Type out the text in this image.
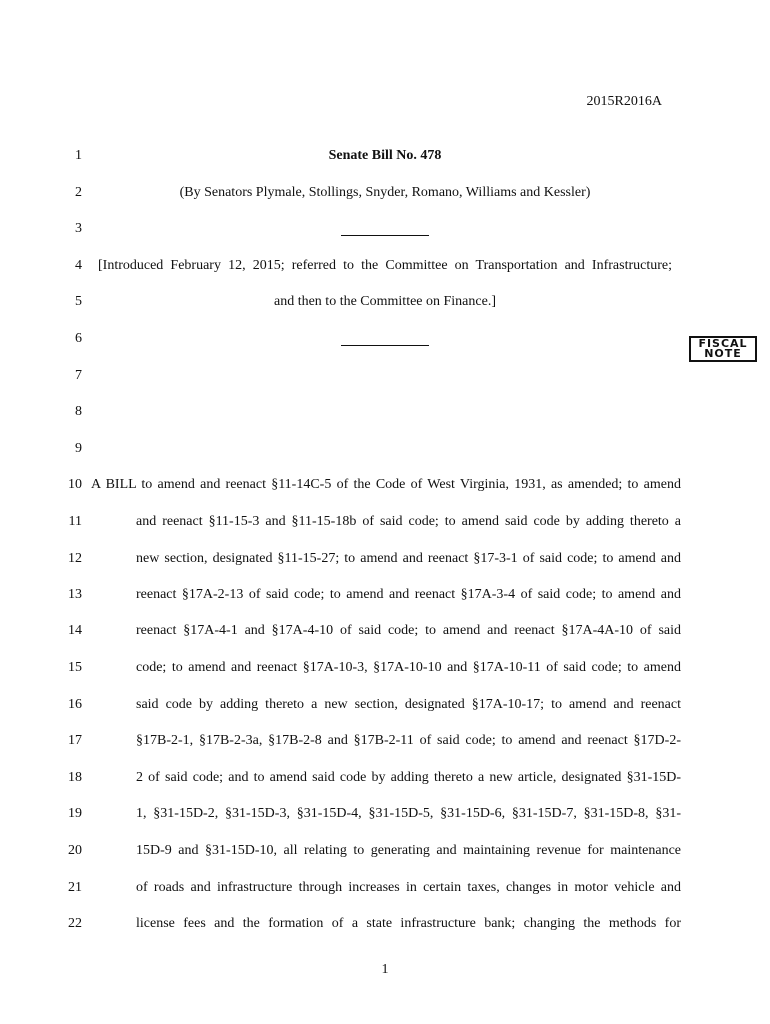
2015R2016A
1
2
3
4
5
6
7
8
9
10
11
12
13
14
15
16
17
18
19
20
21
22
Senate Bill No. 478
(By Senators Plymale, Stollings, Snyder, Romano, Williams and Kessler)
[Introduced February 12, 2015; referred to the Committee on Transportation and Infrastructure;
and then to the Committee on Finance.]
FISCAL
NOTE
A BILL to amend and reenact §11-14C-5 of the Code of West Virginia, 1931, as amended; to amend
and reenact §11-15-3 and §11-15-18b of said code; to amend said code by adding thereto a
new section, designated §11-15-27; to amend and reenact §17-3-1 of said code; to amend and
reenact §17A-2-13 of said code; to amend and reenact §17A-3-4 of said code; to amend and
reenact §17A-4-1 and §17A-4-10 of said code; to amend and reenact §17A-4A-10 of said
code; to amend and reenact §17A-10-3, §17A-10-10 and §17A-10-11 of said code; to amend
said code by adding thereto a new section, designated §17A-10-17; to amend and reenact
§17B-2-1, §17B-2-3a, §17B-2-8 and §17B-2-11 of said code; to amend and reenact §17D-2-
2 of said code; and to amend said code by adding thereto a new article, designated §31-15D-
1, §31-15D-2, §31-15D-3, §31-15D-4, §31-15D-5, §31-15D-6, §31-15D-7, §31-15D-8, §31-
15D-9 and §31-15D-10, all relating to generating and maintaining revenue for maintenance
of roads and infrastructure through increases in certain taxes, changes in motor vehicle and
license fees and the formation of a state infrastructure bank; changing the methods for
1
